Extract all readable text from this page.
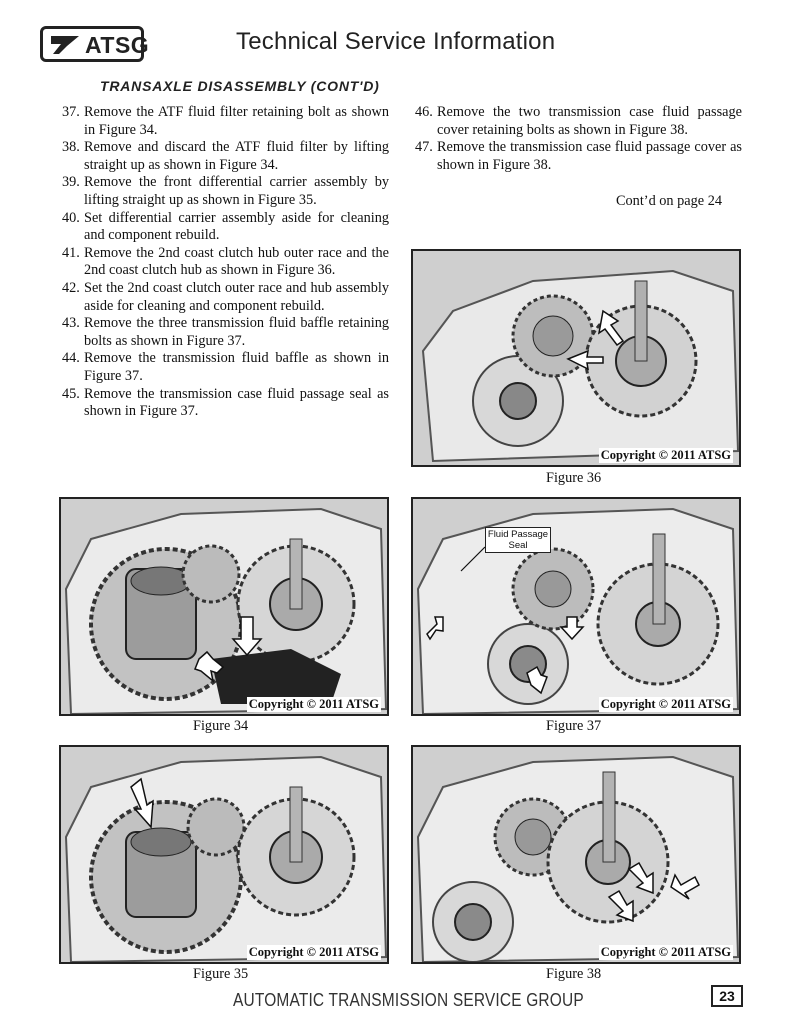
ATSG	Technical Service Information
TRANSAXLE DISASSEMBLY (CONT'D)
37. Remove the ATF fluid filter retaining bolt as shown in Figure 34.
38. Remove and discard the ATF fluid filter by lifting straight up as shown in Figure 34.
39. Remove the front differential carrier assembly by lifting straight up as shown in Figure 35.
40. Set differential carrier assembly aside for cleaning and component rebuild.
41. Remove the 2nd coast clutch hub outer race and the 2nd coast clutch hub as shown in Figure 36.
42. Set the 2nd coast clutch outer race and hub assembly aside for cleaning and component rebuild.
43. Remove the three transmission fluid baffle retaining bolts as shown in Figure 37.
44. Remove the transmission fluid baffle as shown in Figure 37.
45. Remove the transmission case fluid passage seal as shown in Figure 37.
46. Remove the two transmission case fluid passage cover retaining bolts as shown in Figure 38.
47. Remove the transmission case fluid passage cover as shown in Figure 38.
Cont’d on page 24
Copyright © 2011 ATSG
Figure 36
Copyright © 2011 ATSG
Figure 34
Fluid Passage Seal
Copyright © 2011 ATSG
Figure 37
Copyright © 2011 ATSG
Figure 35
Copyright © 2011 ATSG
Figure 38
AUTOMATIC TRANSMISSION SERVICE GROUP	23
